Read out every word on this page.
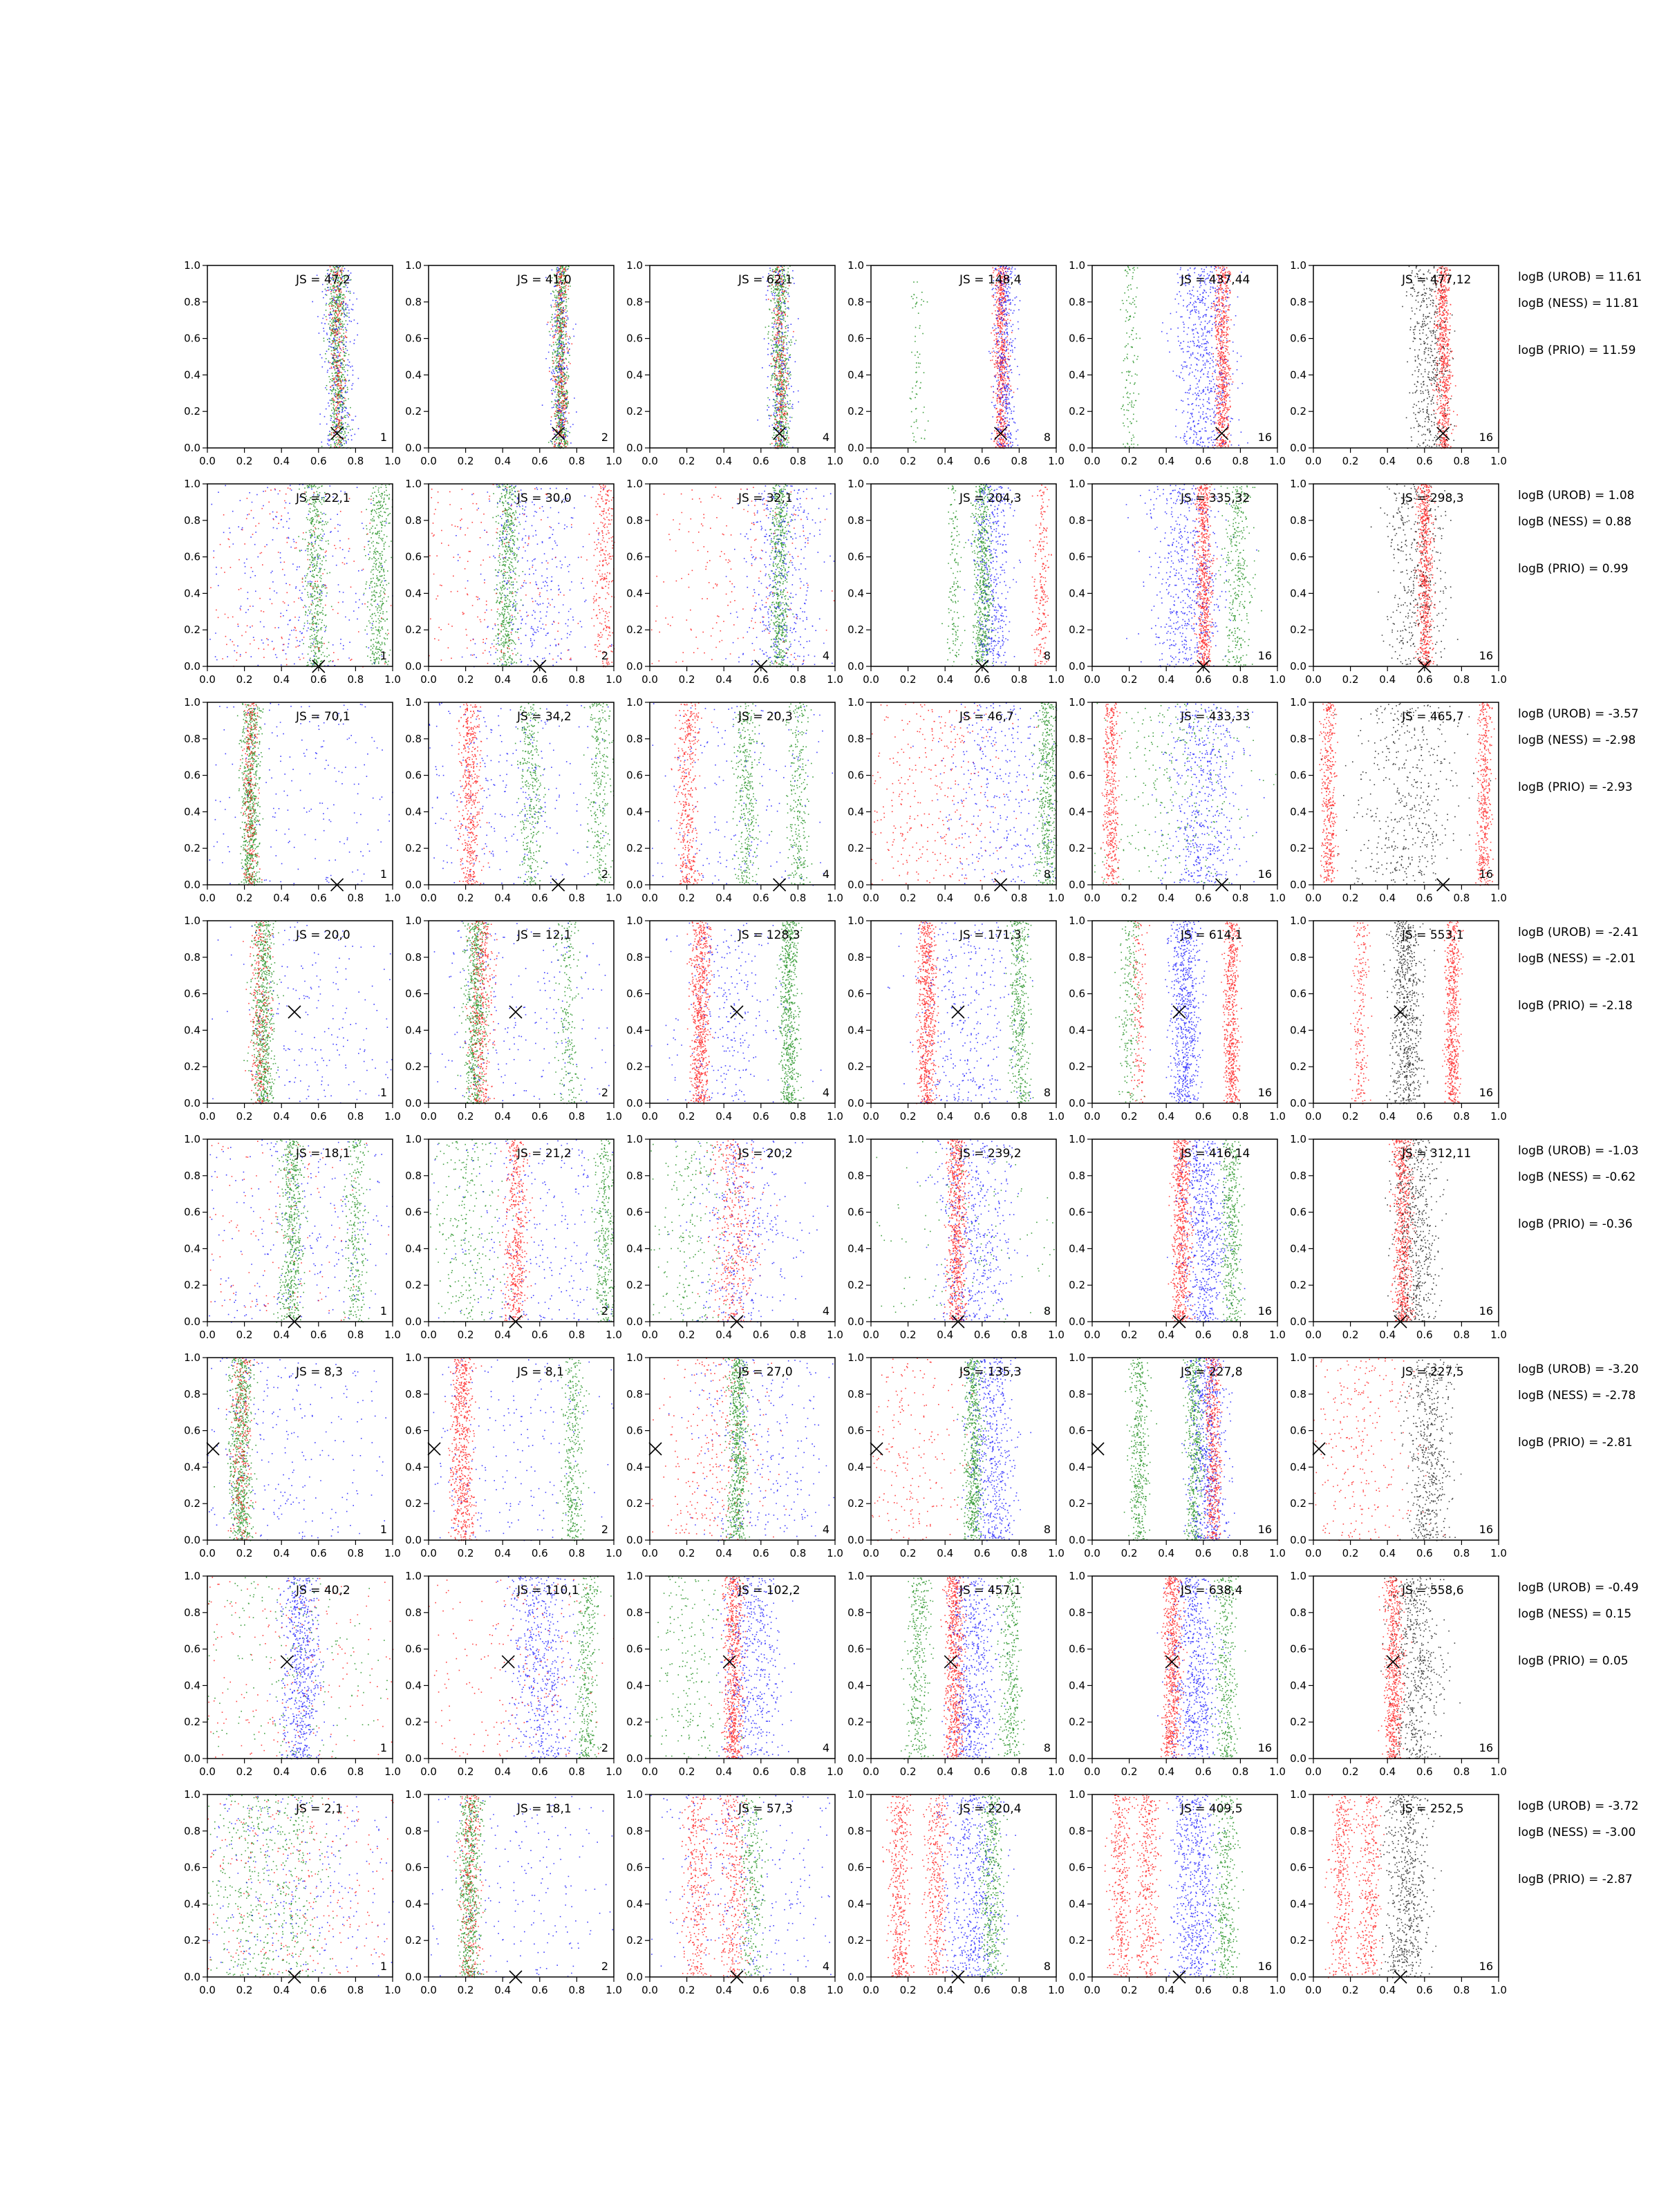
0.0 0.2 0.4 0.6 0.8 1.0
0.0
0.2
0.4
0.6
0.8
1.0
JS = 47,2
1
0.0 0.2 0.4 0.6 0.8 1.0
0.0
0.2
0.4
0.6
0.8
1.0
JS = 41,0
2
0.0 0.2 0.4 0.6 0.8 1.0
0.0
0.2
0.4
0.6
0.8
1.0
JS = 62,1
4
0.0 0.2 0.4 0.6 0.8 1.0
0.0
0.2
0.4
0.6
0.8
1.0
JS = 148,4
8
0.0 0.2 0.4 0.6 0.8 1.0
0.0
0.2
0.4
0.6
0.8
1.0
JS = 437,44
16
0.0 0.2 0.4 0.6 0.8 1.0
0.0
0.2
0.4
0.6
0.8
1.0
JS = 477,12
16
logB (UROB) = 11.61
logB (NESS) = 11.81
logB (PRIO) = 11.59
0.0 0.2 0.4 0.6 0.8 1.0
0.0
0.2
0.4
0.6
0.8
1.0
JS = 22,1
1
0.0 0.2 0.4 0.6 0.8 1.0
0.0
0.2
0.4
0.6
0.8
1.0
JS = 30,0
2
0.0 0.2 0.4 0.6 0.8 1.0
0.0
0.2
0.4
0.6
0.8
1.0
JS = 32,1
4
0.0 0.2 0.4 0.6 0.8 1.0
0.0
0.2
0.4
0.6
0.8
1.0
JS = 204,3
8
0.0 0.2 0.4 0.6 0.8 1.0
0.0
0.2
0.4
0.6
0.8
1.0
JS = 335,32
16
0.0 0.2 0.4 0.6 0.8 1.0
0.0
0.2
0.4
0.6
0.8
1.0
JS = 298,3
16
logB (UROB) = 1.08
logB (NESS) = 0.88
logB (PRIO) = 0.99
0.0 0.2 0.4 0.6 0.8 1.0
0.0
0.2
0.4
0.6
0.8
1.0
JS = 70,1
1
0.0 0.2 0.4 0.6 0.8 1.0
0.0
0.2
0.4
0.6
0.8
1.0
JS = 34,2
2
0.0 0.2 0.4 0.6 0.8 1.0
0.0
0.2
0.4
0.6
0.8
1.0
JS = 20,3
4
0.0 0.2 0.4 0.6 0.8 1.0
0.0
0.2
0.4
0.6
0.8
1.0
JS = 46,7
8
0.0 0.2 0.4 0.6 0.8 1.0
0.0
0.2
0.4
0.6
0.8
1.0
JS = 433,33
16
0.0 0.2 0.4 0.6 0.8 1.0
0.0
0.2
0.4
0.6
0.8
1.0
JS = 465,7
16
logB (UROB) = -3.57
logB (NESS) = -2.98
logB (PRIO) = -2.93
0.0 0.2 0.4 0.6 0.8 1.0
0.0
0.2
0.4
0.6
0.8
1.0
JS = 20,0
1
0.0 0.2 0.4 0.6 0.8 1.0
0.0
0.2
0.4
0.6
0.8
1.0
JS = 12,1
2
0.0 0.2 0.4 0.6 0.8 1.0
0.0
0.2
0.4
0.6
0.8
1.0
JS = 128,3
4
0.0 0.2 0.4 0.6 0.8 1.0
0.0
0.2
0.4
0.6
0.8
1.0
JS = 171,3
8
0.0 0.2 0.4 0.6 0.8 1.0
0.0
0.2
0.4
0.6
0.8
1.0
JS = 614,1
16
0.0 0.2 0.4 0.6 0.8 1.0
0.0
0.2
0.4
0.6
0.8
1.0
JS = 553,1
16
logB (UROB) = -2.41
logB (NESS) = -2.01
logB (PRIO) = -2.18
0.0 0.2 0.4 0.6 0.8 1.0
0.0
0.2
0.4
0.6
0.8
1.0
JS = 18,1
1
0.0 0.2 0.4 0.6 0.8 1.0
0.0
0.2
0.4
0.6
0.8
1.0
JS = 21,2
2
0.0 0.2 0.4 0.6 0.8 1.0
0.0
0.2
0.4
0.6
0.8
1.0
JS = 20,2
4
0.0 0.2 0.4 0.6 0.8 1.0
0.0
0.2
0.4
0.6
0.8
1.0
JS = 239,2
8
0.0 0.2 0.4 0.6 0.8 1.0
0.0
0.2
0.4
0.6
0.8
1.0
JS = 416,14
16
0.0 0.2 0.4 0.6 0.8 1.0
0.0
0.2
0.4
0.6
0.8
1.0
JS = 312,11
16
logB (UROB) = -1.03
logB (NESS) = -0.62
logB (PRIO) = -0.36
0.0 0.2 0.4 0.6 0.8 1.0
0.0
0.2
0.4
0.6
0.8
1.0
JS = 8,3
1
0.0 0.2 0.4 0.6 0.8 1.0
0.0
0.2
0.4
0.6
0.8
1.0
JS = 8,1
2
0.0 0.2 0.4 0.6 0.8 1.0
0.0
0.2
0.4
0.6
0.8
1.0
JS = 27,0
4
0.0 0.2 0.4 0.6 0.8 1.0
0.0
0.2
0.4
0.6
0.8
1.0
JS = 135,3
8
0.0 0.2 0.4 0.6 0.8 1.0
0.0
0.2
0.4
0.6
0.8
1.0
JS = 227,8
16
0.0 0.2 0.4 0.6 0.8 1.0
0.0
0.2
0.4
0.6
0.8
1.0
JS = 227,5
16
logB (UROB) = -3.20
logB (NESS) = -2.78
logB (PRIO) = -2.81
0.0 0.2 0.4 0.6 0.8 1.0
0.0
0.2
0.4
0.6
0.8
1.0
JS = 40,2
1
0.0 0.2 0.4 0.6 0.8 1.0
0.0
0.2
0.4
0.6
0.8
1.0
JS = 110,1
2
0.0 0.2 0.4 0.6 0.8 1.0
0.0
0.2
0.4
0.6
0.8
1.0
JS = 102,2
4
0.0 0.2 0.4 0.6 0.8 1.0
0.0
0.2
0.4
0.6
0.8
1.0
JS = 457,1
8
0.0 0.2 0.4 0.6 0.8 1.0
0.0
0.2
0.4
0.6
0.8
1.0
JS = 638,4
16
0.0 0.2 0.4 0.6 0.8 1.0
0.0
0.2
0.4
0.6
0.8
1.0
JS = 558,6
16
logB (UROB) = -0.49
logB (NESS) = 0.15
logB (PRIO) = 0.05
0.0 0.2 0.4 0.6 0.8 1.0
0.0
0.2
0.4
0.6
0.8
1.0
JS = 2,1
1
0.0 0.2 0.4 0.6 0.8 1.0
0.0
0.2
0.4
0.6
0.8
1.0
JS = 18,1
2
0.0 0.2 0.4 0.6 0.8 1.0
0.0
0.2
0.4
0.6
0.8
1.0
JS = 57,3
4
0.0 0.2 0.4 0.6 0.8 1.0
0.0
0.2
0.4
0.6
0.8
1.0
JS = 220,4
8
0.0 0.2 0.4 0.6 0.8 1.0
0.0
0.2
0.4
0.6
0.8
1.0
JS = 409,5
16
0.0 0.2 0.4 0.6 0.8 1.0
0.0
0.2
0.4
0.6
0.8
1.0
JS = 252,5
16
logB (UROB) = -3.72
logB (NESS) = -3.00
logB (PRIO) = -2.87
